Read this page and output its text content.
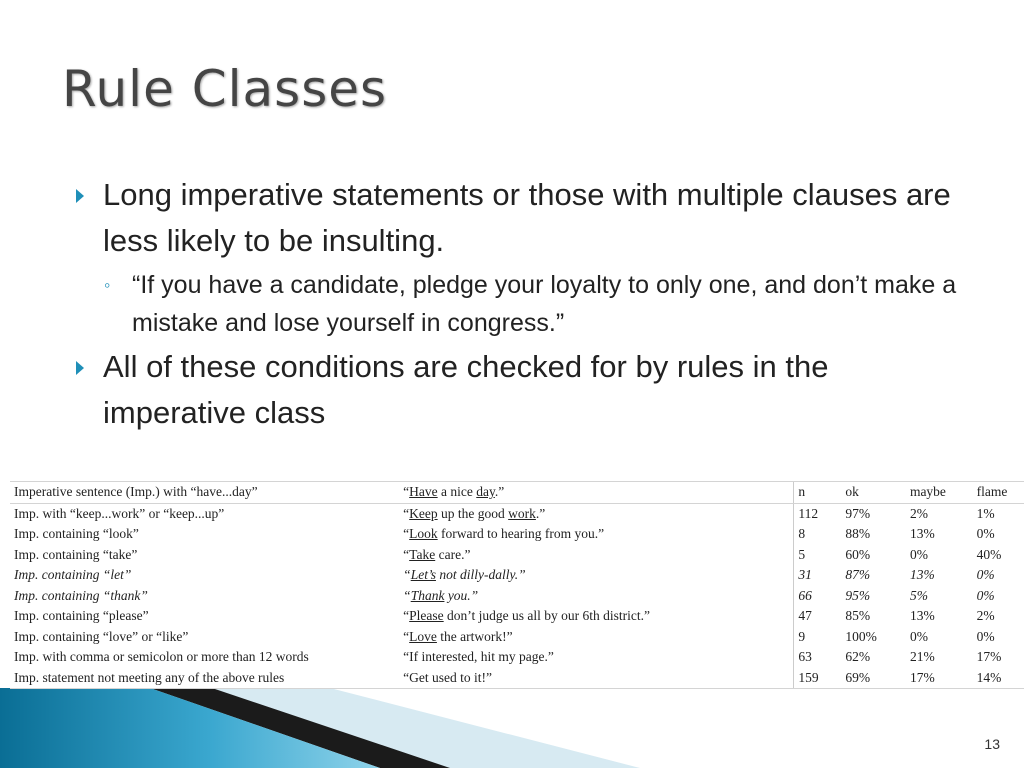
Rule Classes
Long imperative statements or those with multiple clauses are less likely to be insulting.
◦ “If you have a candidate, pledge your loyalty to only one, and don’t make a mistake and lose yourself in congress.”
All of these conditions are checked for by rules in the imperative class
Imperative sentence (Imp.) with “have...day”	“Have a nice day.”	n	ok	maybe	flame
Imp. with “keep...work” or “keep...up”	“Keep up the good work.”	112	97%	2%	1%
Imp. containing “look”	“Look forward to hearing from you.”	8	88%	13%	0%
Imp. containing “take”	“Take care.”	5	60%	0%	40%
Imp. containing “let”	“Let’s not dilly-dally.”	31	87%	13%	0%
Imp. containing “thank”	“Thank you.”	66	95%	5%	0%
Imp. containing “please”	“Please don’t judge us all by our 6th district.”	47	85%	13%	2%
Imp. containing “love” or “like”	“Love the artwork!”	9	100%	0%	0%
Imp. with comma or semicolon or more than 12 words	“If interested, hit my page.”	63	62%	21%	17%
Imp. statement not meeting any of the above rules	“Get used to it!”	159	69%	17%	14%
13
